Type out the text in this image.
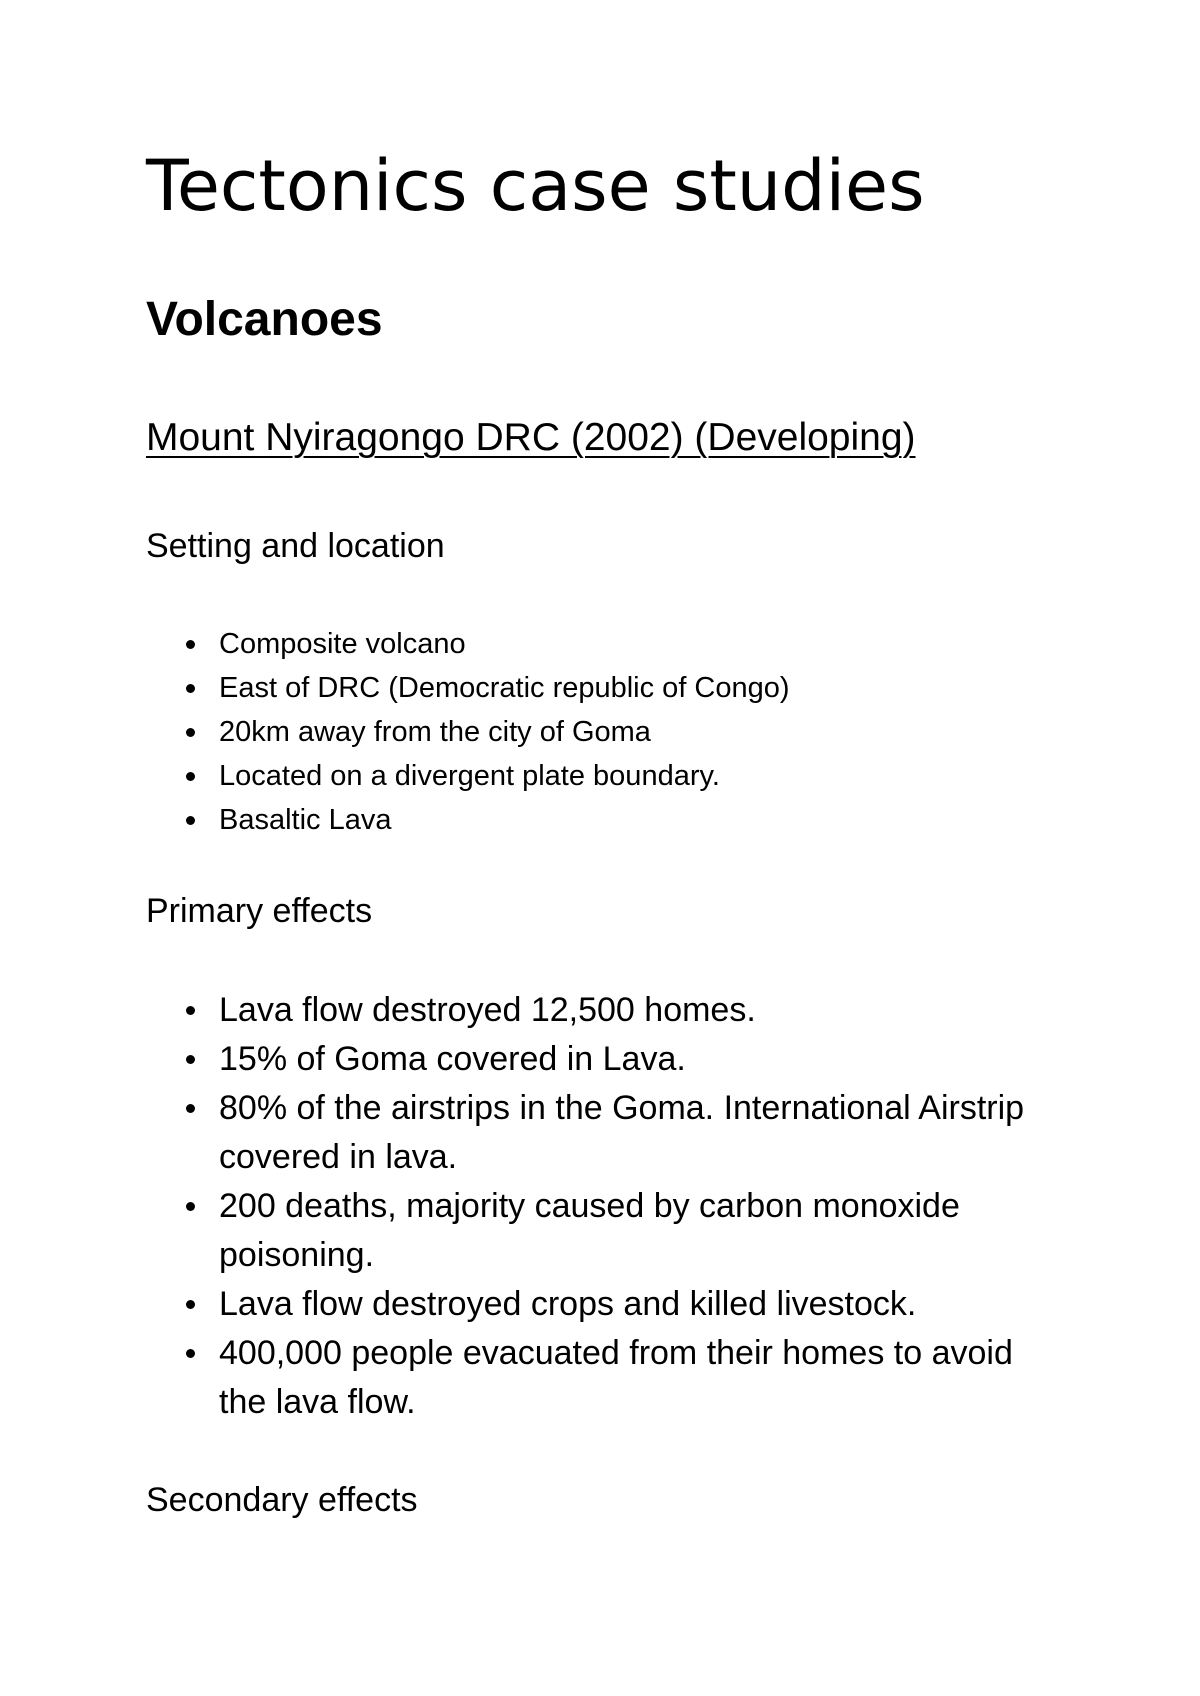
Tectonics case studies
Volcanoes
Mount Nyiragongo DRC (2002) (Developing)

Setting and location

Composite volcano
East of DRC (Democratic republic of Congo)
20km away from the city of Goma
Located on a divergent plate boundary.
Basaltic Lava

Primary effects

Lava flow destroyed 12,500 homes.
15% of Goma covered in Lava.
80% of the airstrips in the Goma. International Airstrip covered in lava.
200 deaths, majority caused by carbon monoxide poisoning.
Lava flow destroyed crops and killed livestock.
400,000 people evacuated from their homes to avoid the lava flow.

Secondary effects
